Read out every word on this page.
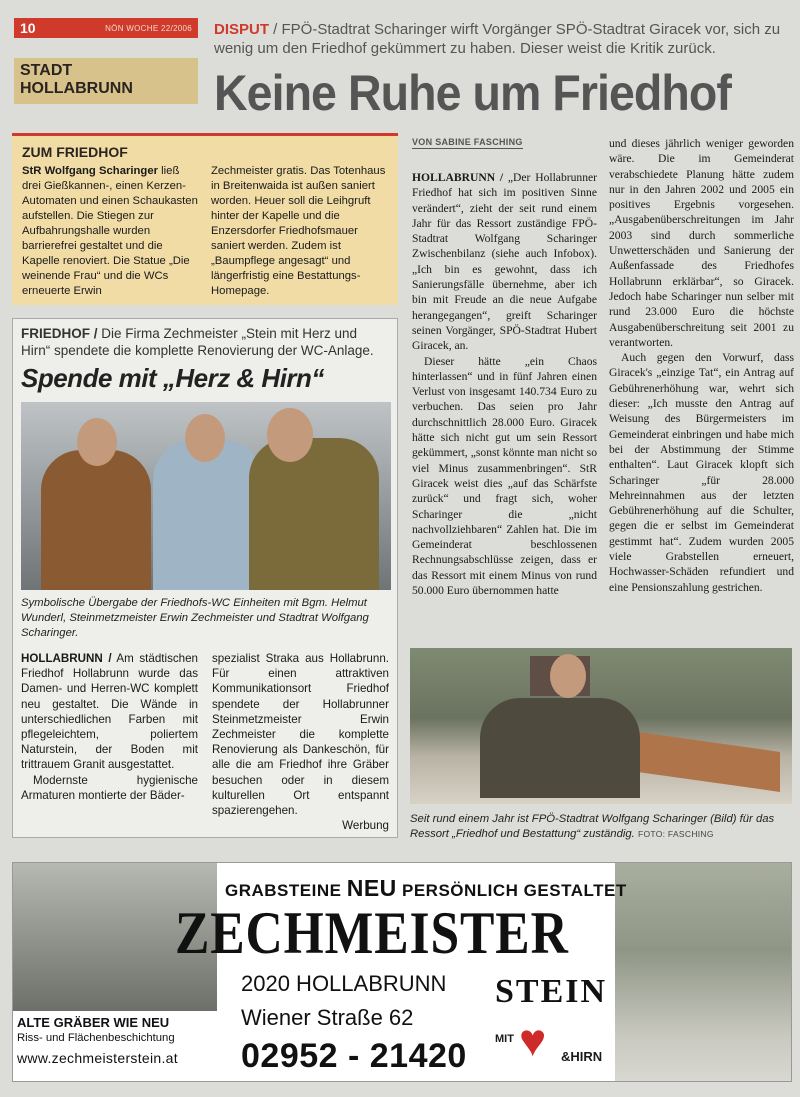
10	NÖN WOCHE 22/2006
STADT
HOLLABRUNN
DISPUT / FPÖ-Stadtrat Scharinger wirft Vorgänger SPÖ-Stadtrat Giracek vor, sich zu wenig um den Friedhof gekümmert zu haben. Dieser weist die Kritik zurück.
Keine Ruhe um Friedhof
ZUM FRIEDHOF
StR Wolfgang Scharinger ließ drei Gießkannen-, einen Kerzen-Automaten und einen Schaukasten aufstellen. Die Stiegen zur Aufbahrungshalle wurden barrierefrei gestaltet und die Kapelle renoviert. Die Statue „Die weinende Frau“ und die WCs erneuerte Erwin
Zechmeister gratis. Das Totenhaus in Breitenwaida ist außen saniert worden. Heuer soll die Leihgruft hinter der Kapelle und die Enzersdorfer Friedhofsmauer saniert werden. Zudem ist „Baumpflege angesagt“ und längerfristig eine Bestattungs-Homepage.
FRIEDHOF / Die Firma Zechmeister „Stein mit Herz und Hirn“ spendete die komplette Renovierung der WC-Anlage.
Spende mit „Herz & Hirn“
Symbolische Übergabe der Friedhofs-WC Einheiten mit Bgm. Helmut Wunderl, Steinmetzmeister Erwin Zechmeister und Stadtrat Wolfgang Scharinger.

HOLLABRUNN / Am städtischen Friedhof Hollabrunn wurde das Damen- und Herren-WC komplett neu gestaltet. Die Wände in unterschiedlichen Farben mit pflegeleichtem, poliertem Naturstein, der Boden mit trittrauem Granit ausgestattet.

Modernste hygienische Armaturen montierte der Bäder-

spezialist Straka aus Hollabrunn. Für einen attraktiven Kommunikationsort Friedhof spendete der Hollabrunner Steinmetzmeister Erwin Zechmeister die komplette Renovierung als Dankeschön, für alle die am Friedhof ihre Gräber besuchen oder in diesem kulturellen Ort entspannt spazierengehen.

Werbung

VON SABINE FASCHING

HOLLABRUNN / „Der Hollabrunner Friedhof hat sich im positiven Sinne verändert“, zieht der seit rund einem Jahr für das Ressort zuständige FPÖ-Stadtrat Wolfgang Scharinger Zwischenbilanz (siehe auch Infobox). „Ich bin es gewohnt, dass ich Sanierungsfälle übernehme, aber ich bin mit Freude an die neue Aufgabe herangegangen“, greift Scharinger seinen Vorgänger, SPÖ-Stadtrat Hubert Giracek, an.

Dieser hätte „ein Chaos hinterlassen“ und in fünf Jahren einen Verlust von insgesamt 140.734 Euro zu verbuchen. Das seien pro Jahr durchschnittlich 28.000 Euro. Giracek hätte sich nicht gut um sein Ressort gekümmert, „sonst könnte man nicht so viel Minus zusammenbringen“. StR Giracek weist dies „auf das Schärfste zurück“ und fragt sich, woher Scharinger die „nicht nachvollziehbaren“ Zahlen hat. Die im Gemeinderat beschlossenen Rechnungsabschlüsse zeigen, dass er das Ressort mit einem Minus von rund 50.000 Euro übernommen hatte

und dieses jährlich weniger geworden wäre. Die im Gemeinderat verabschiedete Planung hätte zudem nur in den Jahren 2002 und 2005 ein positives Ergebnis vorgesehen. „Ausgabenüberschreitungen im Jahr 2003 sind durch sommerliche Unwetterschäden und Sanierung der Außenfassade des Friedhofes Hollabrunn erklärbar“, so Giracek. Jedoch habe Scharinger nun selber mit rund 23.000 Euro die höchste Ausgabenüberschreitung seit 2001 zu verantworten.

Auch gegen den Vorwurf, dass Giracek's „einzige Tat“, ein Antrag auf Gebührenerhöhung war, wehrt sich dieser: „Ich musste den Antrag auf Weisung des Bürgermeisters im Gemeinderat einbringen und habe mich bei der Abstimmung der Stimme enthalten“. Laut Giracek klopft sich Scharinger „für 28.000 Mehreinnahmen aus der letzten Gebührenerhöhung auf die Schulter, gegen die er selbst im Gemeinderat gestimmt hat“. Zudem wurden 2005 viele Grabstellen erneuert, Hochwasser-Schäden refundiert und eine Pensionszahlung gestrichen.

Seit rund einem Jahr ist FPÖ-Stadtrat Wolfgang Scharinger (Bild) für das Ressort „Friedhof und Bestattung“ zuständig. FOTO: FASCHING
GRABSTEINE NEU PERSÖNLICH GESTALTET
ZECHMEISTER
2020 HOLLABRUNN
Wiener Straße 62
02952 - 21420
STEIN
MIT ♥ &HIRN
ALTE GRÄBER WIE NEU
Riss- und Flächenbeschichtung
www.zechmeisterstein.at
